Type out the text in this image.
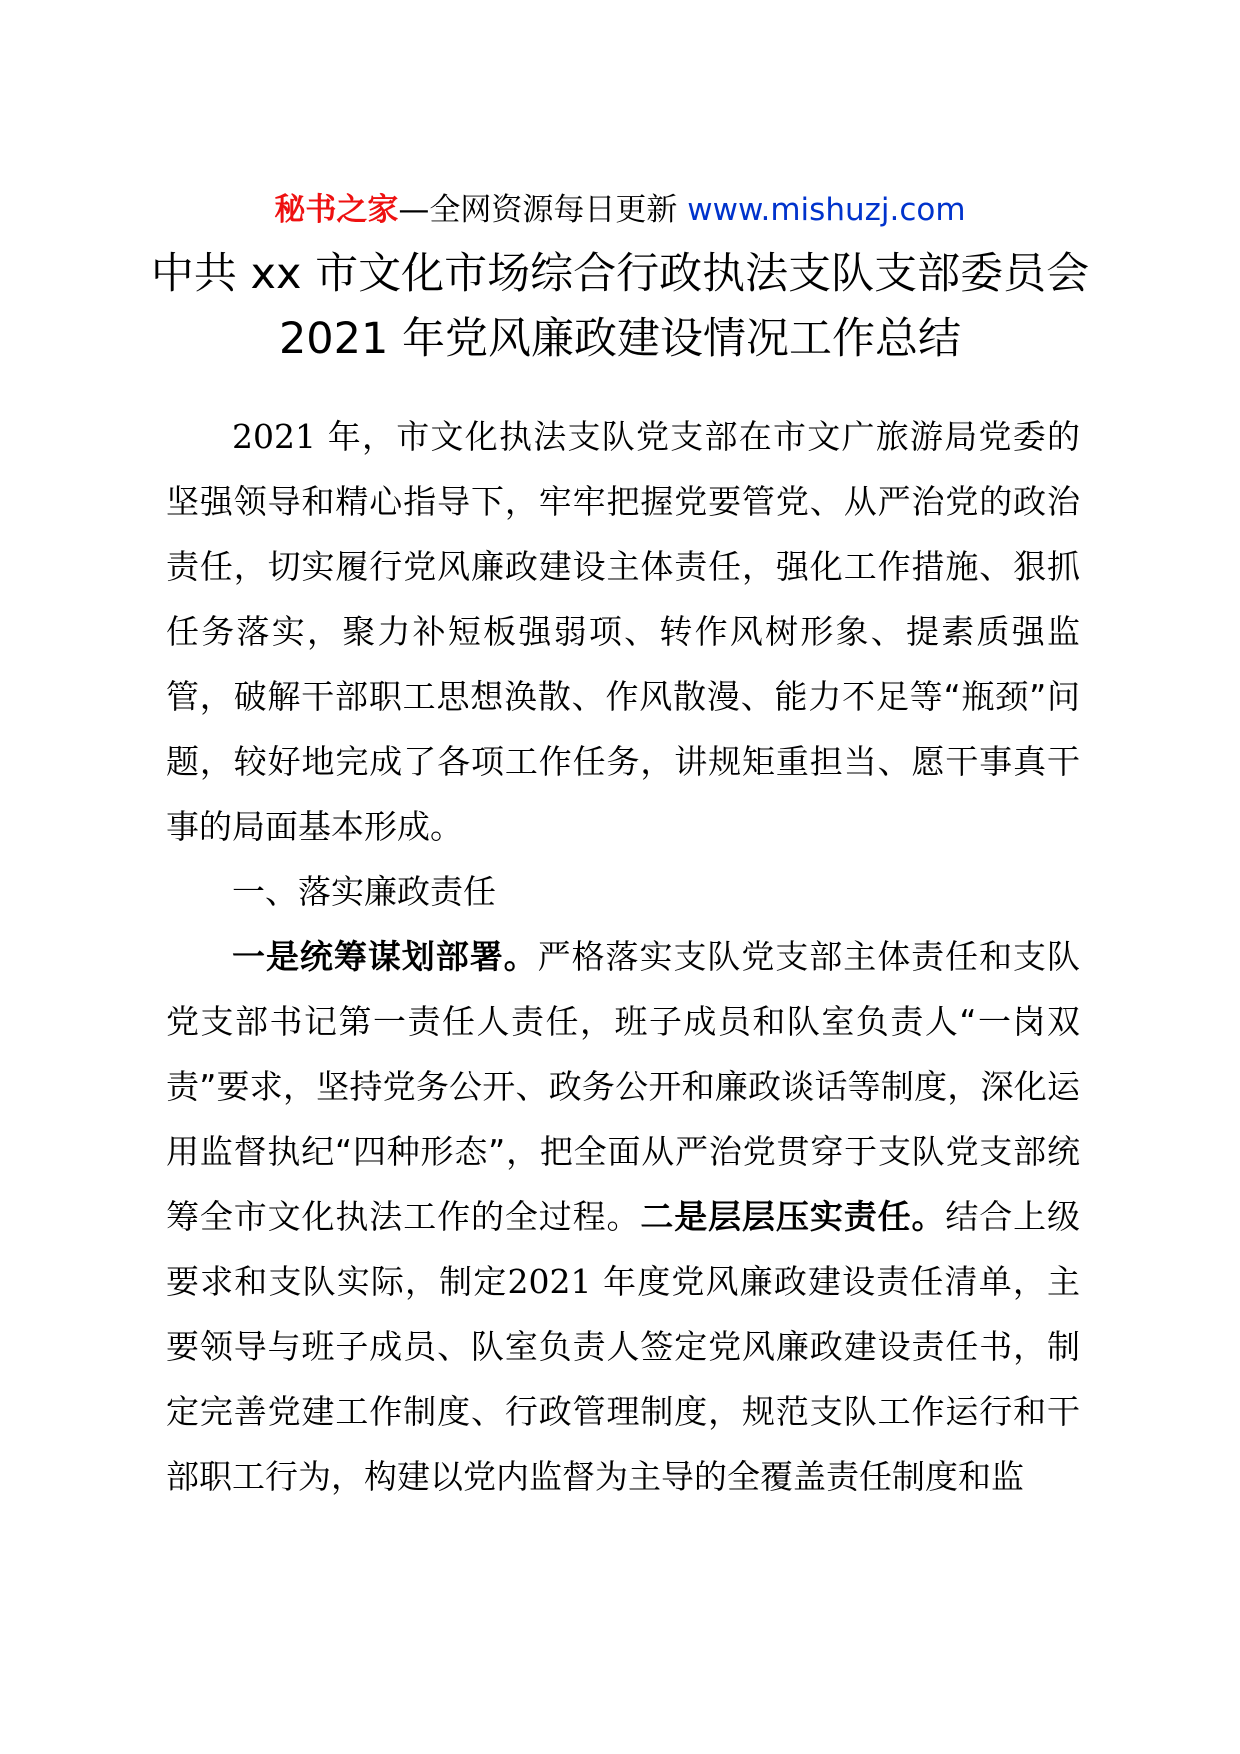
秘书之家—全网资源每日更新 www.mishuzj.com
中共 xx 市文化市场综合行政执法支队支部委员会
2021 年党风廉政建设情况工作总结

2021 年，市文化执法支队党支部在市文广旅游局党委的坚强领导和精心指导下，牢牢把握党要管党、从严治党的政治责任，切实履行党风廉政建设主体责任，强化工作措施、狠抓任务落实，聚力补短板强弱项、转作风树形象、提素质强监管，破解干部职工思想涣散、作风散漫、能力不足等“瓶颈”问题，较好地完成了各项工作任务，讲规矩重担当、愿干事真干事的局面基本形成。

一、落实廉政责任

一是统筹谋划部署。严格落实支队党支部主体责任和支队党支部书记第一责任人责任，班子成员和队室负责人“一岗双责”要求，坚持党务公开、政务公开和廉政谈话等制度，深化运用监督执纪“四种形态”，把全面从严治党贯穿于支队党支部统筹全市文化执法工作的全过程。二是层层压实责任。结合上级要求和支队实际，制定2021 年度党风廉政建设责任清单，主要领导与班子成员、队室负责人签定党风廉政建设责任书，制定完善党建工作制度、行政管理制度，规范支队工作运行和干部职工行为，构建以党内监督为主导的全覆盖责任制度和监
